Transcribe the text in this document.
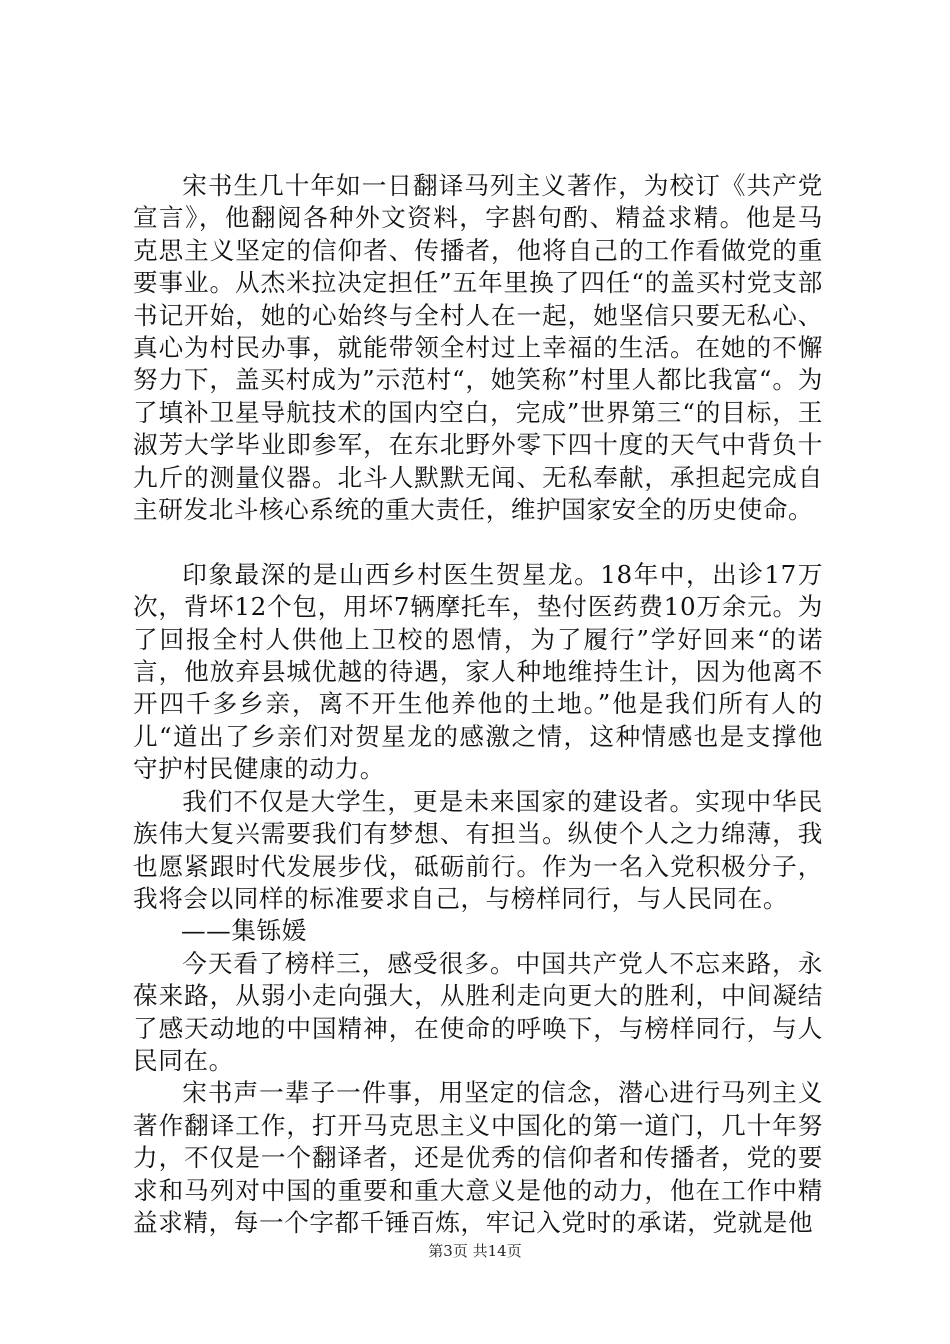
宋书生几十年如一日翻译马列主义著作，为校订《共产党宣言》，他翻阅各种外文资料，字斟句酌、精益求精。他是马克思主义坚定的信仰者、传播者，他将自己的工作看做党的重要事业。从杰米拉决定担任”五年里换了四任“的盖买村党支部书记开始，她的心始终与全村人在一起，她坚信只要无私心、真心为村民办事，就能带领全村过上幸福的生活。在她的不懈努力下，盖买村成为”示范村“，她笑称”村里人都比我富“。为了填补卫星导航技术的国内空白，完成”世界第三“的目标，王淑芳大学毕业即参军，在东北野外零下四十度的天气中背负十九斤的测量仪器。北斗人默默无闻、无私奉献，承担起完成自主研发北斗核心系统的重大责任，维护国家安全的历史使命。

印象最深的是山西乡村医生贺星龙。18年中，出诊17万次，背坏12个包，用坏7辆摩托车，垫付医药费10万余元。为了回报全村人供他上卫校的恩情，为了履行”学好回来“的诺言，他放弃县城优越的待遇，家人种地维持生计，因为他离不开四千多乡亲，离不开生他养他的土地。”他是我们所有人的儿“道出了乡亲们对贺星龙的感激之情，这种情感也是支撑他守护村民健康的动力。

我们不仅是大学生，更是未来国家的建设者。实现中华民族伟大复兴需要我们有梦想、有担当。纵使个人之力绵薄，我也愿紧跟时代发展步伐，砥砺前行。作为一名入党积极分子，我将会以同样的标准要求自己，与榜样同行，与人民同在。

——集铄媛

今天看了榜样三，感受很多。中国共产党人不忘来路，永葆来路，从弱小走向强大，从胜利走向更大的胜利，中间凝结了感天动地的中国精神，在使命的呼唤下，与榜样同行，与人民同在。

宋书声一辈子一件事，用坚定的信念，潜心进行马列主义著作翻译工作，打开马克思主义中国化的第一道门，几十年努力，不仅是一个翻译者，还是优秀的信仰者和传播者，党的要求和马列对中国的重要和重大意义是他的动力，他在工作中精益求精，每一个字都千锤百炼，牢记入党时的承诺，党就是他

第3页 共14页
